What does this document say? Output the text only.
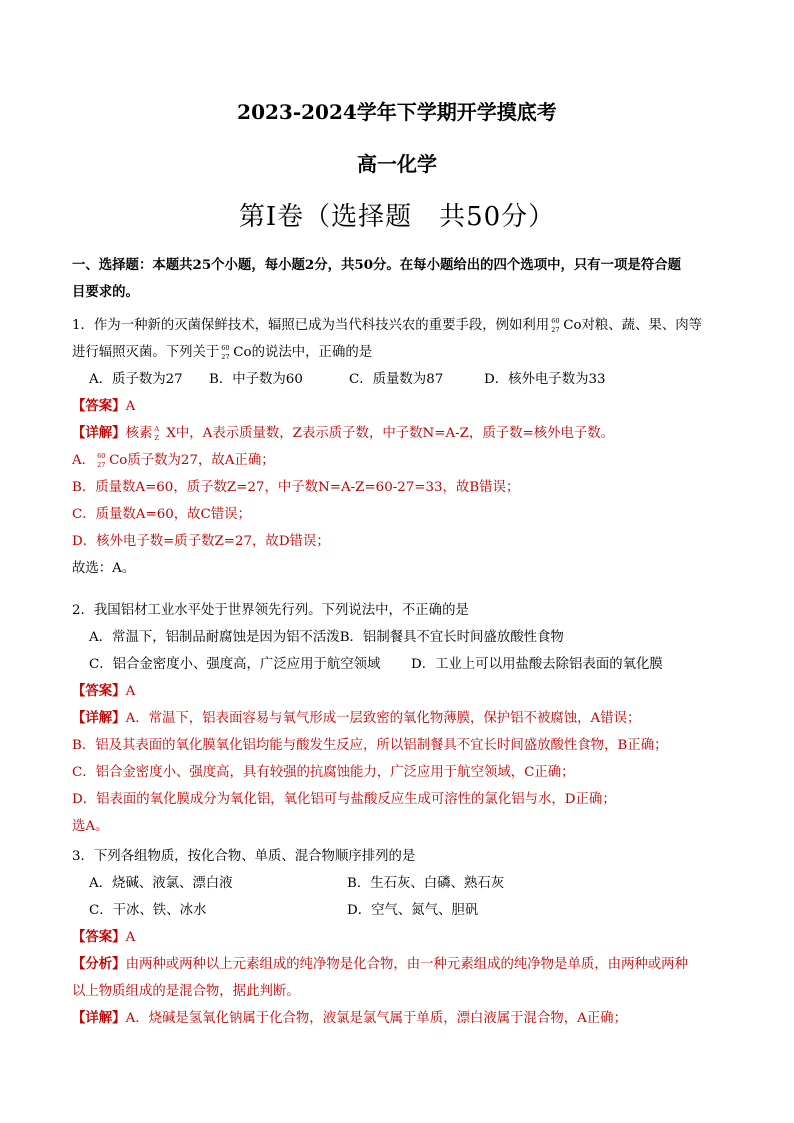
2023-2024学年下学期开学摸底考
高一化学
第I卷（选择题　共50分）
一、选择题：本题共25个小题，每小题2分，共50分。在每小题给出的四个选项中，只有一项是符合题
目要求的。
1．作为一种新的灭菌保鲜技术，辐照已成为当代科技兴农的重要手段，例如利用 60
27 Co对粮、蔬、果、肉等
进行辐照灭菌。下列关于 60
27 Co的说法中，正确的是
A．质子数为27 B．中子数为60	C．质量数为87	D．核外电子数为33
【答案】A
【详解】核素 A
Z X中，A表示质量数，Z表示质子数，中子数N=A-Z，质子数=核外电子数。
A． 60
27 Co质子数为27，故A正确；
B．质量数A=60，质子数Z=27，中子数N=A-Z=60-27=33，故B错误；
C．质量数A=60，故C错误；
D．核外电子数=质子数Z=27，故D错误；
故选：A。
2．我国铝材工业水平处于世界领先行列。下列说法中，不正确的是
A．常温下，铝制品耐腐蚀是因为铝不活泼B．铝制餐具不宜长时间盛放酸性食物
C．铝合金密度小、强度高，广泛应用于航空领域 D．工业上可以用盐酸去除铝表面的氧化膜
【答案】A
【详解】A．常温下，铝表面容易与氧气形成一层致密的氧化物薄膜，保护铝不被腐蚀，A错误；
B．铝及其表面的氧化膜氧化铝均能与酸发生反应，所以铝制餐具不宜长时间盛放酸性食物，B正确；
C．铝合金密度小、强度高，具有较强的抗腐蚀能力，广泛应用于航空领域，C正确；
D．铝表面的氧化膜成分为氧化铝，氧化铝可与盐酸反应生成可溶性的氯化铝与水，D正确；
选A。
3．下列各组物质，按化合物、单质、混合物顺序排列的是
A．烧碱、液氯、漂白液	B．生石灰、白磷、熟石灰
C．干冰、铁、冰水	D．空气、氮气、胆矾
【答案】A
【分析】由两种或两种以上元素组成的纯净物是化合物，由一种元素组成的纯净物是单质，由两种或两种
以上物质组成的是混合物，据此判断。
【详解】A．烧碱是氢氧化钠属于化合物，液氯是氯气属于单质，漂白液属于混合物，A正确；
